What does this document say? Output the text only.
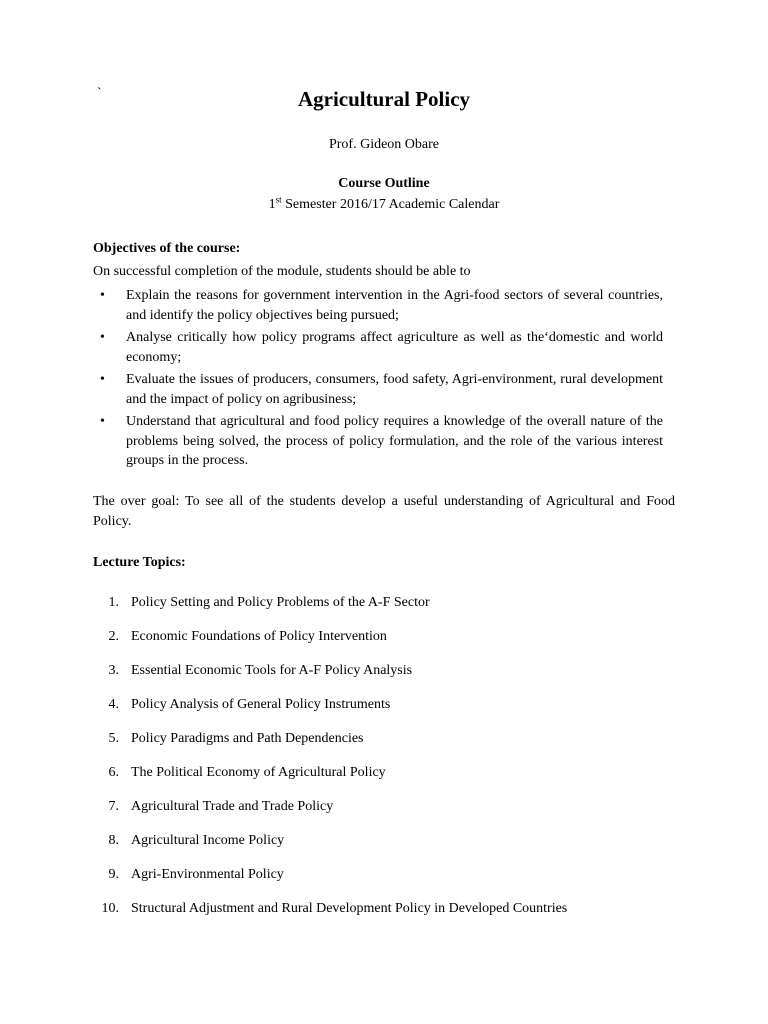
`	Agricultural Policy
Prof. Gideon Obare
Course Outline
1st Semester 2016/17 Academic Calendar
Objectives of the course:
On successful completion of the module, students should be able to
• Explain the reasons for government intervention in the Agri-food sectors of several countries, and identify the policy objectives being pursued;
• Analyse critically how policy programs affect agriculture as well as the‘domestic and world economy;
• Evaluate the issues of producers, consumers, food safety, Agri-environment, rural development and the impact of policy on agribusiness;
• Understand that agricultural and food policy requires a knowledge of the overall nature of the problems being solved, the process of policy formulation, and the role of the various interest groups in the process.
The over goal: To see all of the students develop a useful understanding of Agricultural and Food Policy.
Lecture Topics:
1. Policy Setting and Policy Problems of the A-F Sector
2. Economic Foundations of Policy Intervention
3. Essential Economic Tools for A-F Policy Analysis
4. Policy Analysis of General Policy Instruments
5. Policy Paradigms and Path Dependencies
6. The Political Economy of Agricultural Policy
7. Agricultural Trade and Trade Policy
8. Agricultural Income Policy
9. Agri-Environmental Policy
10. Structural Adjustment and Rural Development Policy in Developed Countries
